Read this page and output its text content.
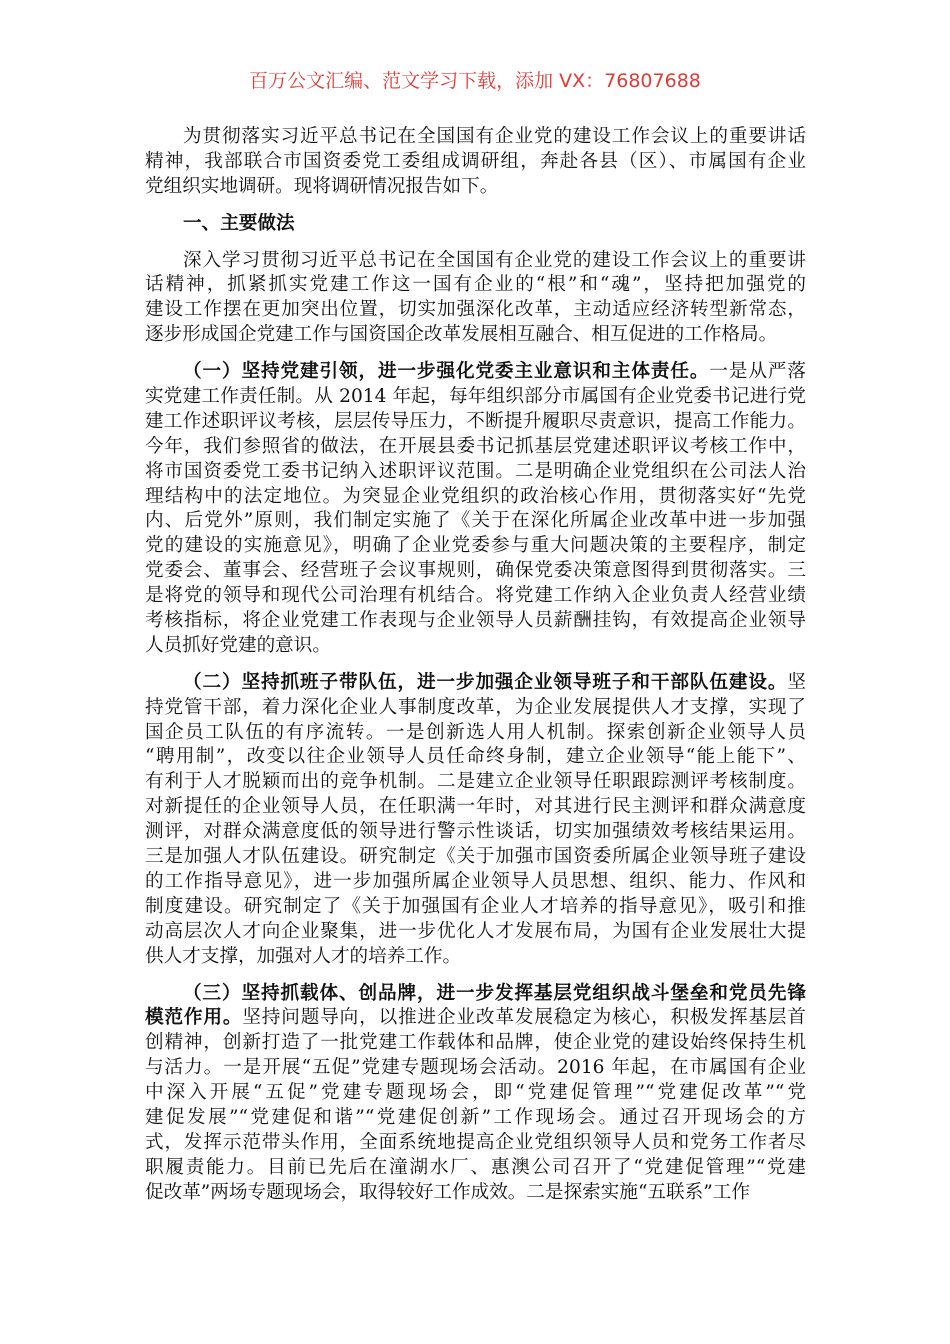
百万公文汇编、范文学习下载，添加 VX：76807688
为贯彻落实习近平总书记在全国国有企业党的建设工作会议上的重要讲话
精神，我部联合市国资委党工委组成调研组，奔赴各县（区）、市属国有企业
党组织实地调研。现将调研情况报告如下。
一、主要做法
深入学习贯彻习近平总书记在全国国有企业党的建设工作会议上的重要讲
话精神，抓紧抓实党建工作这一国有企业的“根”和“魂”，坚持把加强党的
建设工作摆在更加突出位置，切实加强深化改革，主动适应经济转型新常态，
逐步形成国企党建工作与国资国企改革发展相互融合、相互促进的工作格局。
（一）坚持党建引领，进一步强化党委主业意识和主体责任。一是从严落
实党建工作责任制。从 2014 年起，每年组织部分市属国有企业党委书记进行党
建工作述职评议考核，层层传导压力，不断提升履职尽责意识，提高工作能力。
今年，我们参照省的做法，在开展县委书记抓基层党建述职评议考核工作中，
将市国资委党工委书记纳入述职评议范围。二是明确企业党组织在公司法人治
理结构中的法定地位。为突显企业党组织的政治核心作用，贯彻落实好“先党
内、后党外”原则，我们制定实施了《关于在深化所属企业改革中进一步加强
党的建设的实施意见》，明确了企业党委参与重大问题决策的主要程序，制定
党委会、董事会、经营班子会议事规则，确保党委决策意图得到贯彻落实。三
是将党的领导和现代公司治理有机结合。将党建工作纳入企业负责人经营业绩
考核指标，将企业党建工作表现与企业领导人员薪酬挂钩，有效提高企业领导
人员抓好党建的意识。
（二）坚持抓班子带队伍，进一步加强企业领导班子和干部队伍建设。坚
持党管干部，着力深化企业人事制度改革，为企业发展提供人才支撑，实现了
国企员工队伍的有序流转。一是创新选人用人机制。探索创新企业领导人员
“聘用制”，改变以往企业领导人员任命终身制，建立企业领导“能上能下”、
有利于人才脱颖而出的竞争机制。二是建立企业领导任职跟踪测评考核制度。
对新提任的企业领导人员，在任职满一年时，对其进行民主测评和群众满意度
测评，对群众满意度低的领导进行警示性谈话，切实加强绩效考核结果运用。
三是加强人才队伍建设。研究制定《关于加强市国资委所属企业领导班子建设
的工作指导意见》，进一步加强所属企业领导人员思想、组织、能力、作风和
制度建设。研究制定了《关于加强国有企业人才培养的指导意见》，吸引和推
动高层次人才向企业聚集，进一步优化人才发展布局，为国有企业发展壮大提
供人才支撑，加强对人才的培养工作。
（三）坚持抓载体、创品牌，进一步发挥基层党组织战斗堡垒和党员先锋
模范作用。坚持问题导向，以推进企业改革发展稳定为核心，积极发挥基层首
创精神，创新打造了一批党建工作载体和品牌，使企业党的建设始终保持生机
与活力。一是开展“五促”党建专题现场会活动。2016 年起，在市属国有企业
中深入开展“五促”党建专题现场会，即“党建促管理”“党建促改革”“党
建促发展”“党建促和谐”“党建促创新”工作现场会。通过召开现场会的方
式，发挥示范带头作用，全面系统地提高企业党组织领导人员和党务工作者尽
职履责能力。目前已先后在潼湖水厂、惠澳公司召开了“党建促管理”“党建
促改革”两场专题现场会，取得较好工作成效。二是探索实施“五联系”工作
